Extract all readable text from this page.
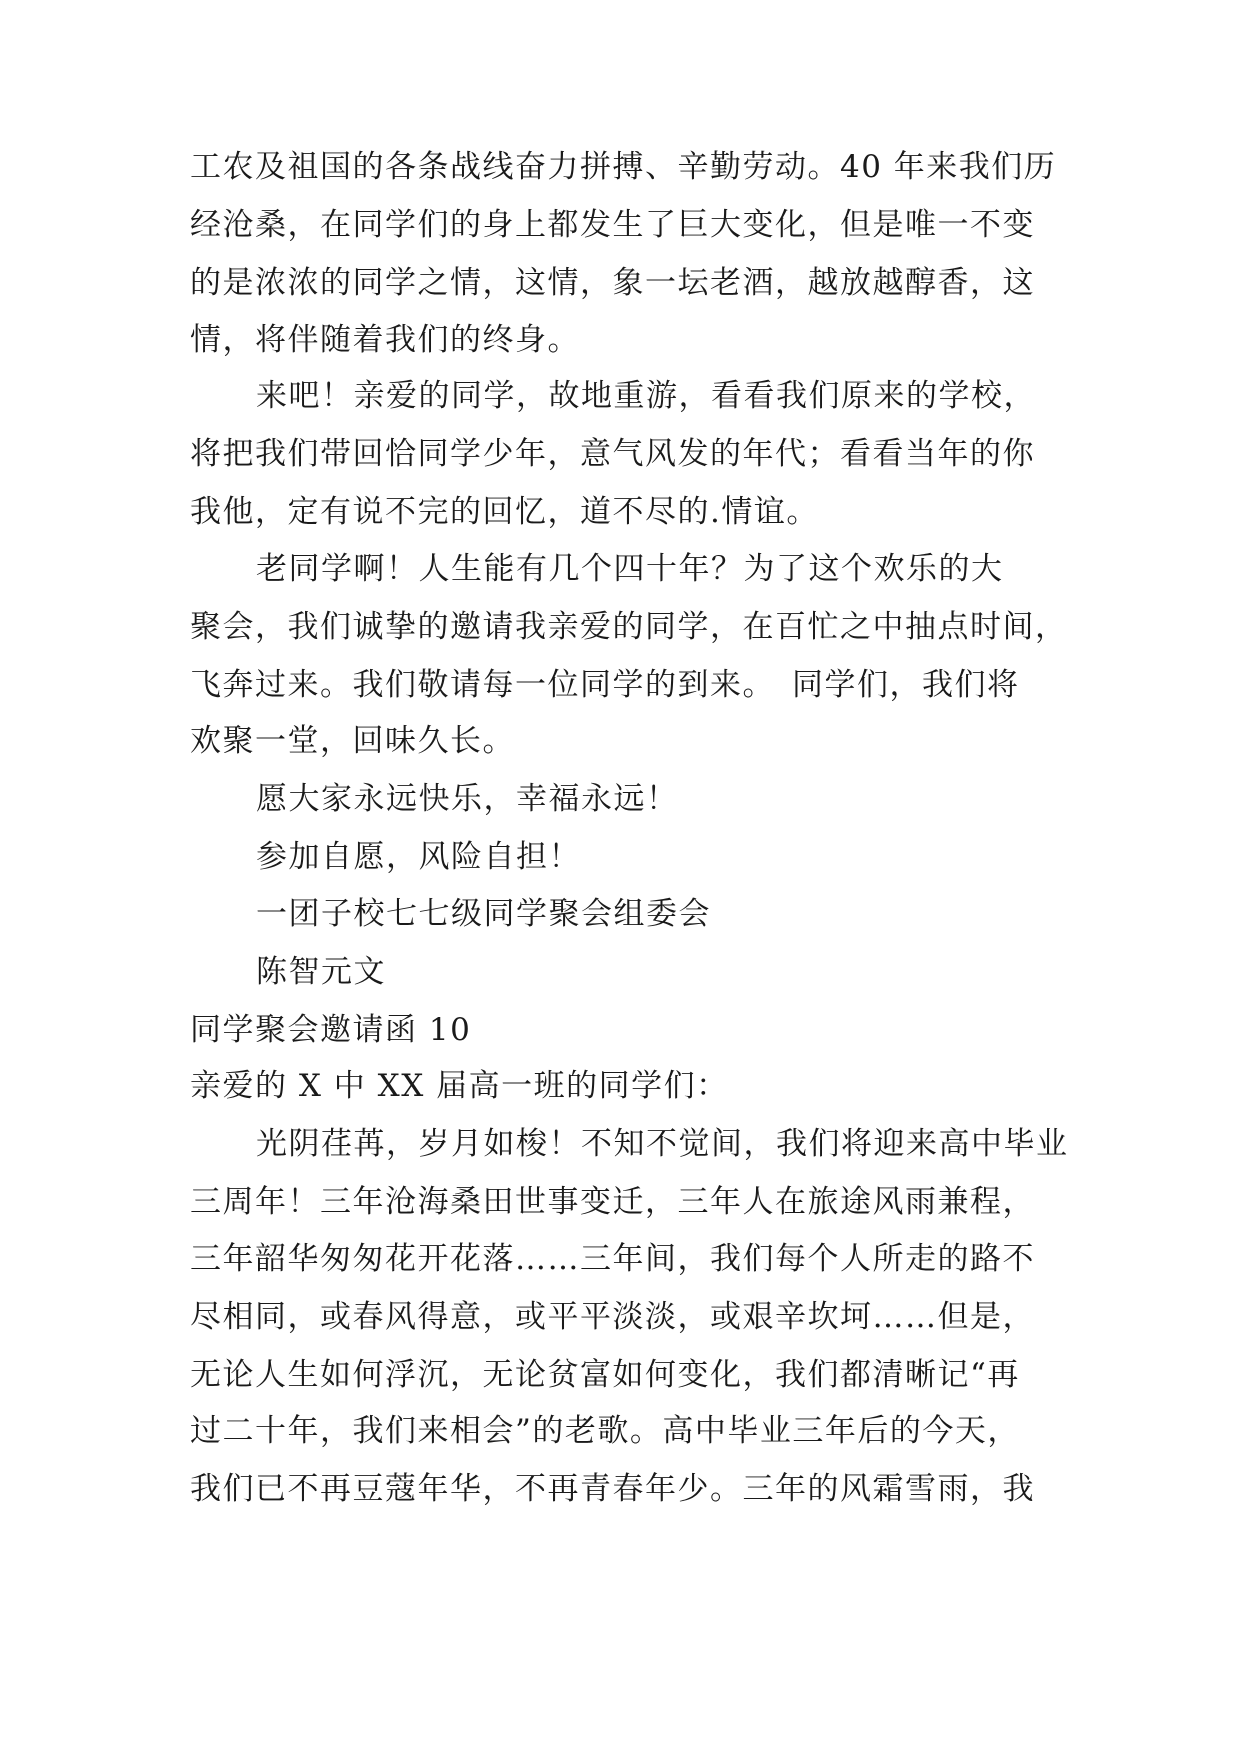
工农及祖国的各条战线奋力拼搏、辛勤劳动。40 年来我们历
经沧桑，在同学们的身上都发生了巨大变化，但是唯一不变
的是浓浓的同学之情，这情，象一坛老酒，越放越醇香，这
情，将伴随着我们的终身。
来吧！亲爱的同学，故地重游，看看我们原来的学校，
将把我们带回恰同学少年，意气风发的年代；看看当年的你
我他，定有说不完的回忆，道不尽的.情谊。
老同学啊！人生能有几个四十年？为了这个欢乐的大
聚会，我们诚挚的邀请我亲爱的同学，在百忙之中抽点时间，
飞奔过来。我们敬请每一位同学的到来。　同学们，我们将
欢聚一堂，回味久长。
愿大家永远快乐，幸福永远！
参加自愿，风险自担！
一团子校七七级同学聚会组委会
陈智元文
同学聚会邀请函 10
亲爱的 X 中 XX 届高一班的同学们：
光阴荏苒，岁月如梭！不知不觉间，我们将迎来高中毕业
三周年！三年沧海桑田世事变迁，三年人在旅途风雨兼程，
三年韶华匆匆花开花落……三年间，我们每个人所走的路不
尽相同，或春风得意，或平平淡淡，或艰辛坎坷……但是，
无论人生如何浮沉，无论贫富如何变化，我们都清晰记“再
过二十年，我们来相会”的老歌。高中毕业三年后的今天，
我们已不再豆蔻年华，不再青春年少。三年的风霜雪雨，我
